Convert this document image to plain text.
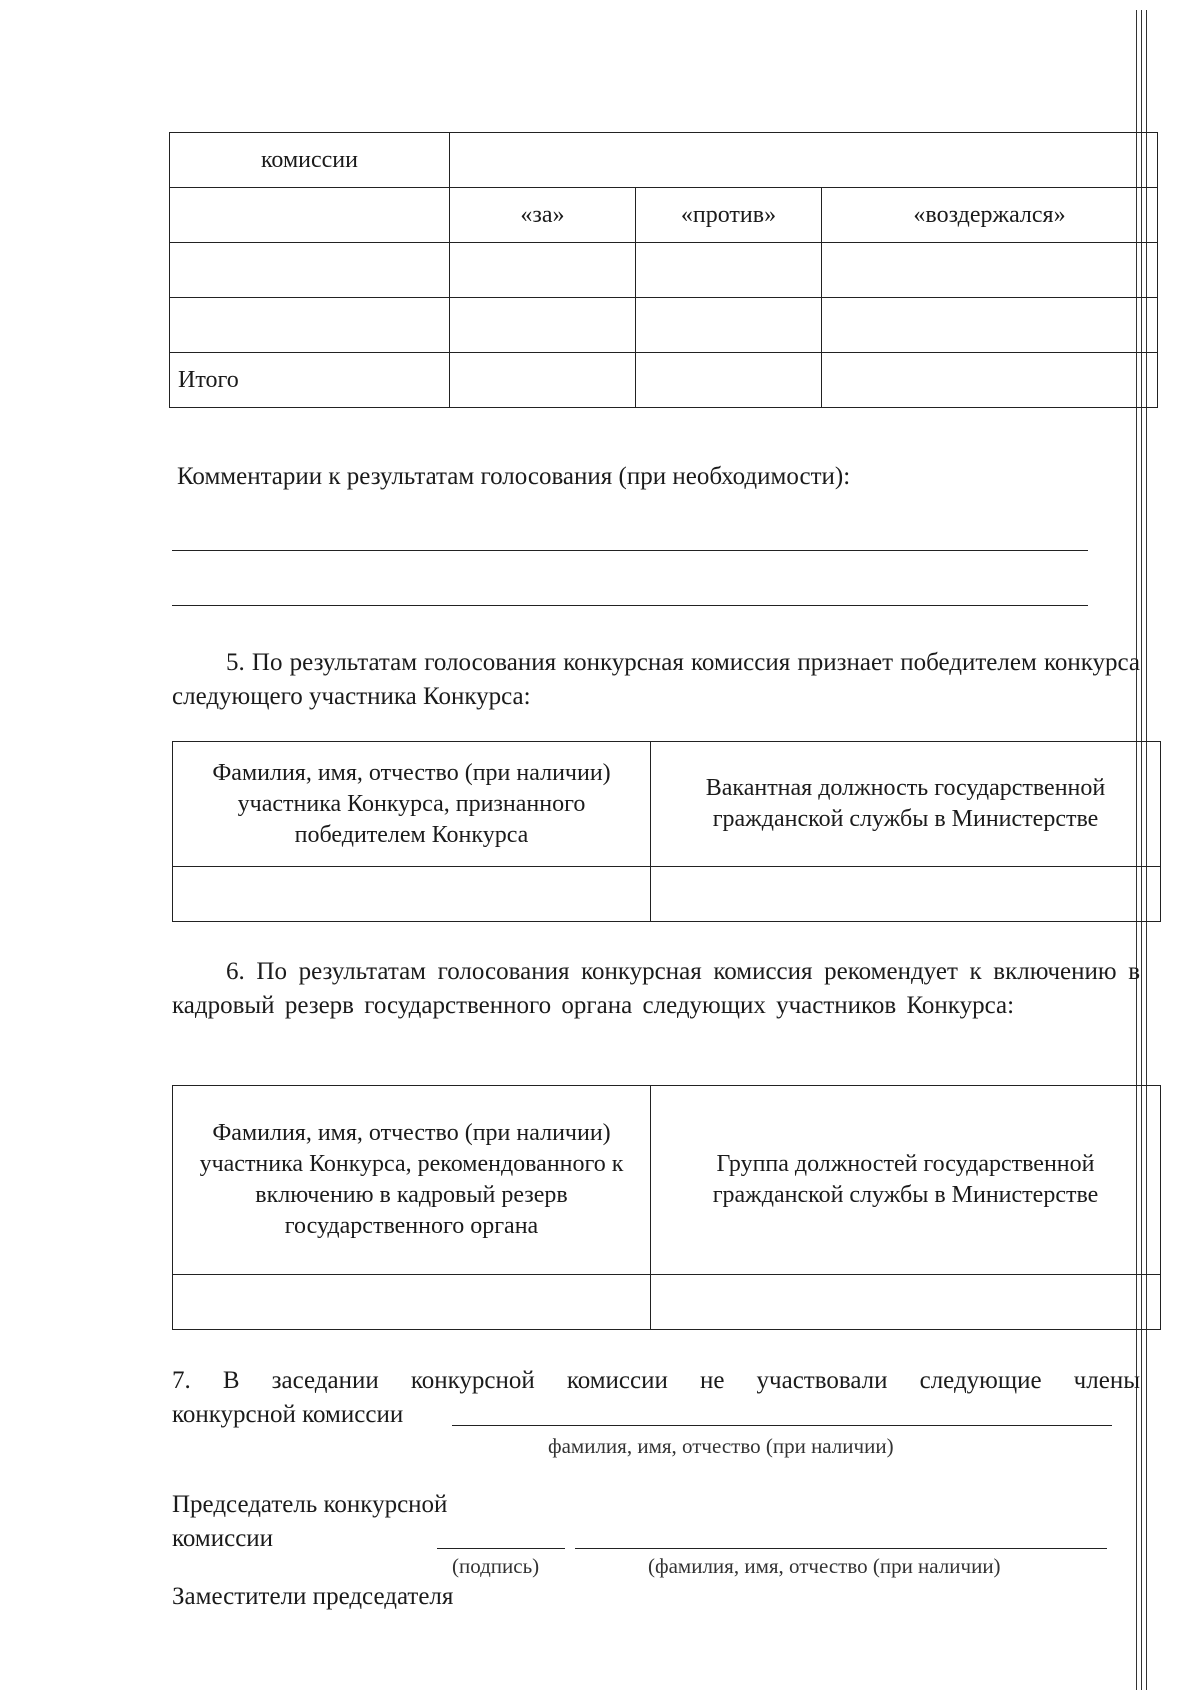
комиссии			
	«за»	«против»	«воздержался»

Итого			

Комментарии к результатам голосования (при необходимости):

5. По результатам голосования конкурсная комиссия признает победителем конкурса следующего участника Конкурса:

Фамилия, имя, отчество (при наличии) участника Конкурса, признанного победителем Конкурса	Вакантная должность государственной гражданской службы в Министерстве

6. По результатам голосования конкурсная комиссия рекомендует к включению в кадровый резерв государственного органа следующих участников Конкурса:

Фамилия, имя, отчество (при наличии) участника Конкурса, рекомендованного к включению в кадровый резерв государственного органа	Группа должностей государственной гражданской службы в Министерстве

7. В заседании конкурсной комиссии не участвовали следующие члены

конкурсной комиссии

фамилия, имя, отчество (при наличии)

Председатель конкурсной

комиссии

(подпись)	(фамилия, имя, отчество (при наличии)

Заместители председателя
